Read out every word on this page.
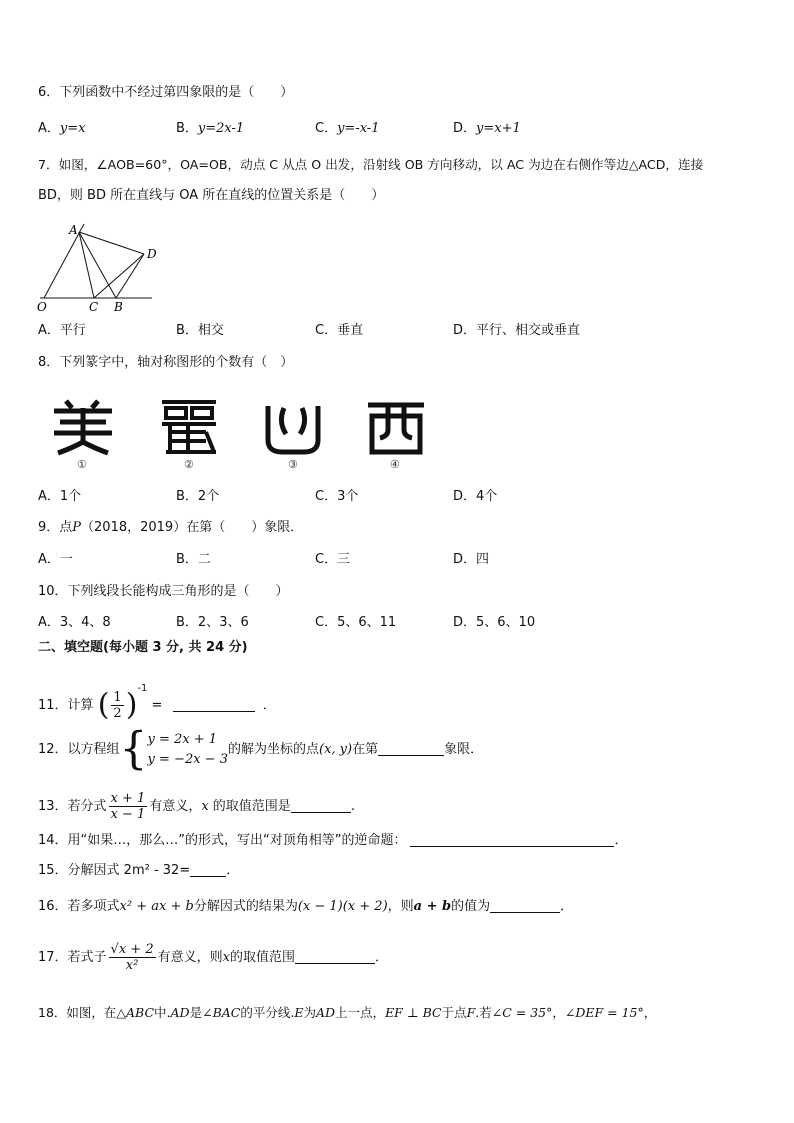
6．下列函数中不经过第四象限的是（　　）
A．y=x	B．y=2x-1	C．y=-x-1	D．y=x+1
7．如图，∠AOB=60°，OA=OB，动点 C 从点 O 出发，沿射线 OB 方向移动，以 AC 为边在右侧作等边△ACD，连接
BD，则 BD 所在直线与 OA 所在直线的位置关系是（　　）
A
D
O	C B
A．平行	B．相交	C．垂直	D．平行、相交或垂直
8．下列篆字中，轴对称图形的个数有（　）
①	②	③	④
A．1个	B．2个	C．3个	D．4个
9．点P（2018，2019）在第（　　）象限．
A．一	B．二	C．三	D．四
10．下列线段长能构成三角形的是（　　）
A．3、4、8	B．2、3、6	C．5、6、11	D．5、6、10
二、填空题(每小题 3 分, 共 24 分)
11．计算 ( $\frac{1}{2} )^{-1}$ =	．
12．以方程组{y = 2x + 1
y = −2x − 3的解为坐标的点(x, y)在第	象限．
13．若分式 $\frac{x + 1}{x - 1}$ 有意义，x 的取值范围是	.
14．用“如果…，那么…”的形式，写出“对顶角相等”的逆命题：	．
15．分解因式 2m² - 32=	．
16．若多项式x² + ax + b分解因式的结果为(x − 1)(x + 2)，则a + b的值为	．
17．若式子 $\frac{√x + 2}{\text{x²}}$ 有意义，则x的取值范围	．
18．如图，在△ABC中.AD是∠BAC的平分线.E为AD上一点，EF ⊥ BC于点F.若∠C = 35°，∠DEF = 15°，
